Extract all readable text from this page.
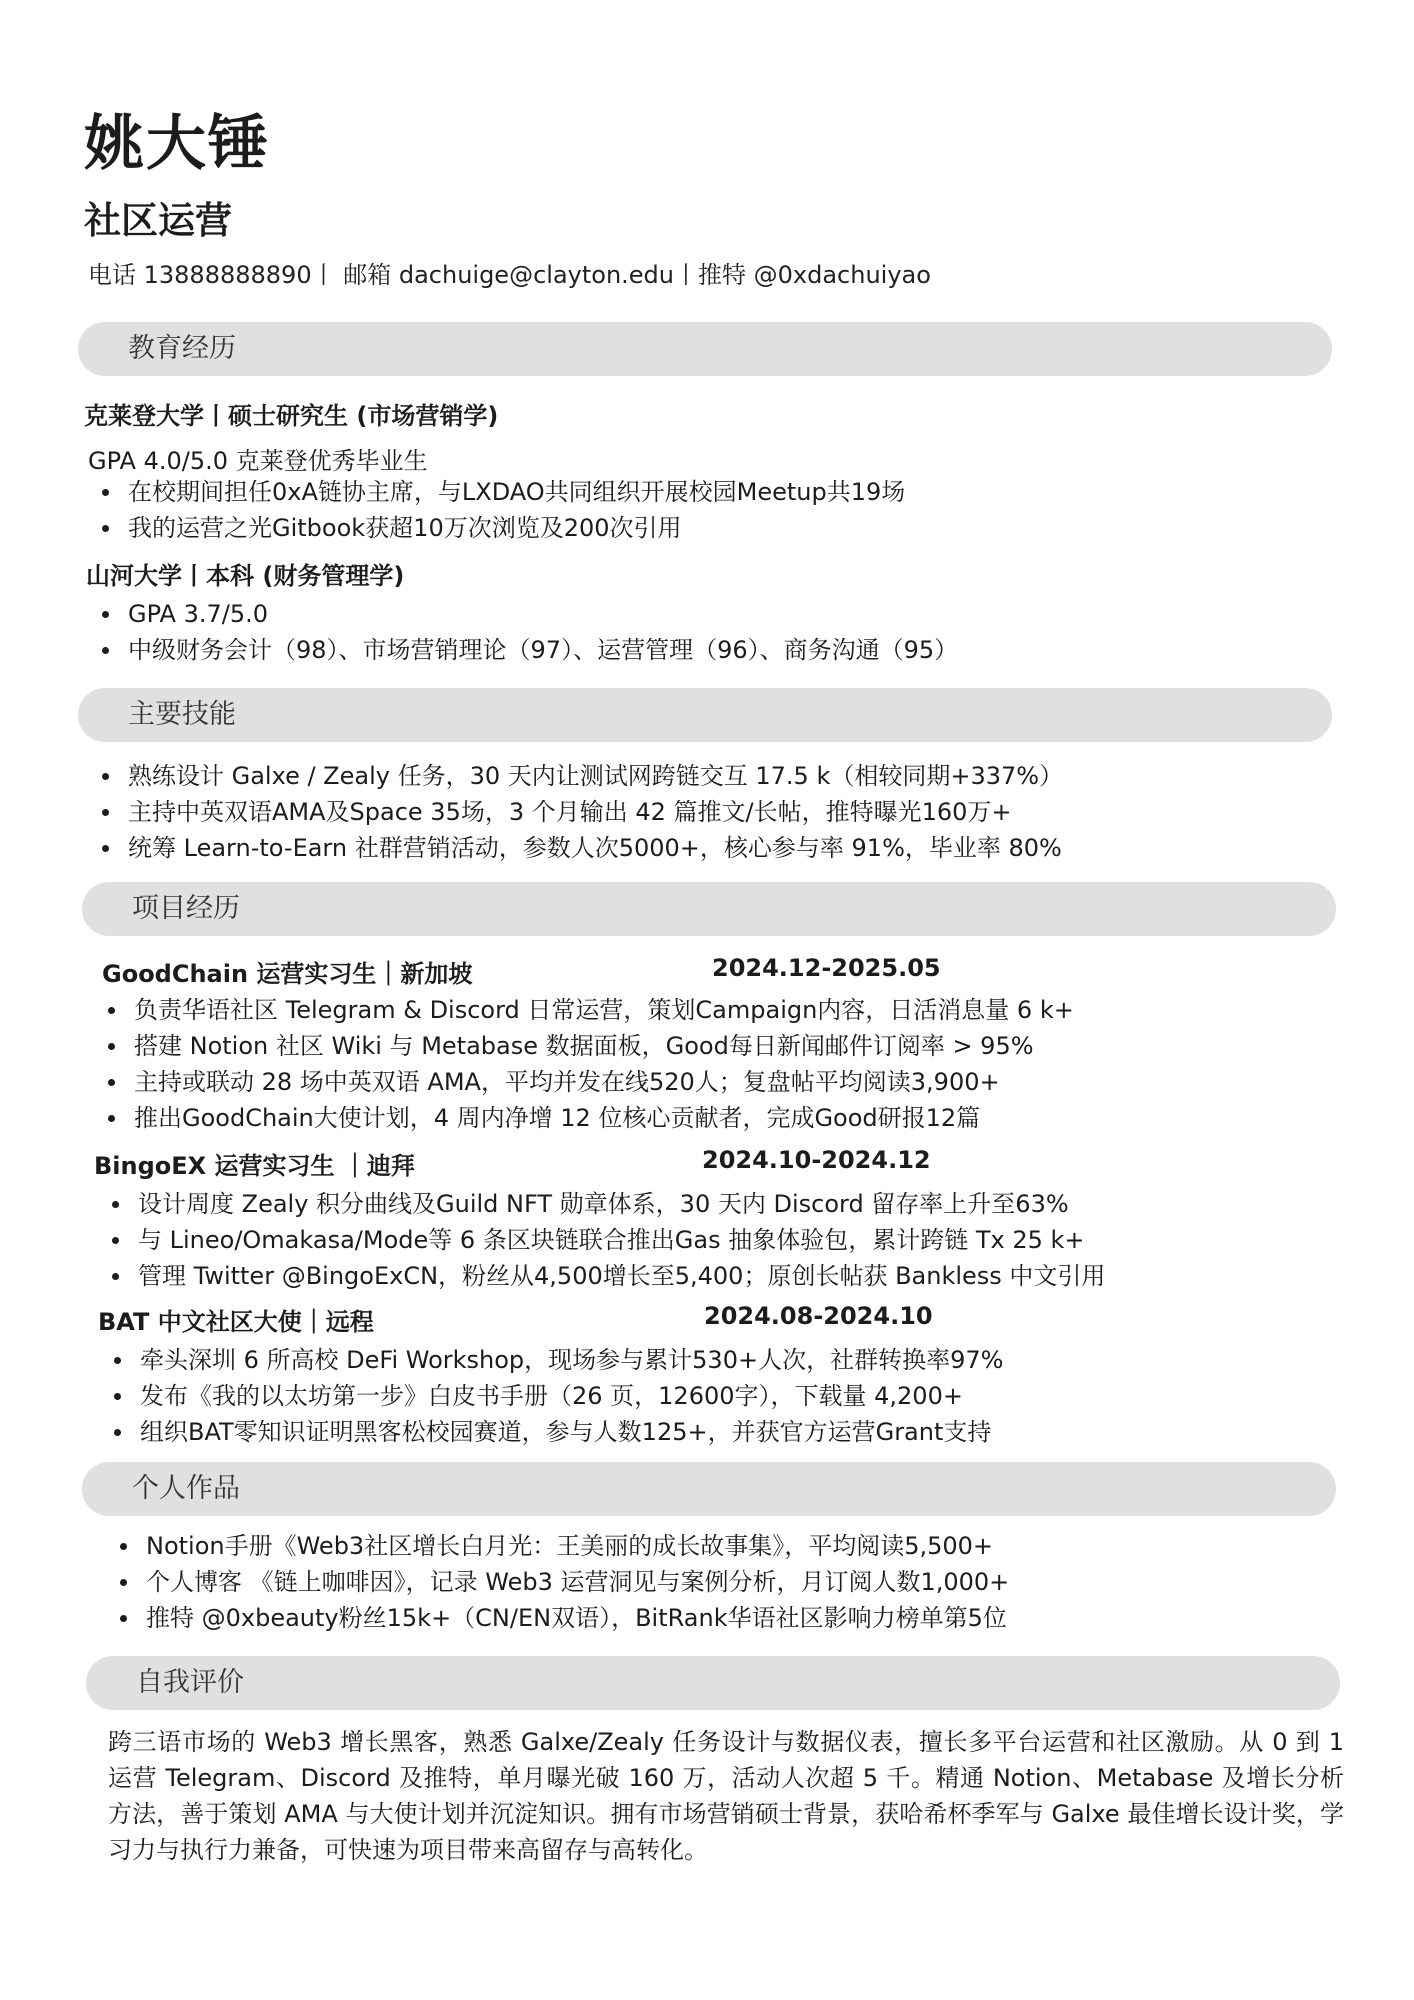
姚大锤
社区运营
电话 13888888890丨 邮箱 dachuige@clayton.edu丨推特 @0xdachuiyao
教育经历
克莱登大学丨硕士研究生 (市场营销学)
GPA 4.0/5.0 克莱登优秀毕业生
在校期间担任0xA链协主席，与LXDAO共同组织开展校园Meetup共19场
我的运营之光Gitbook获超10万次浏览及200次引用
山河大学丨本科 (财务管理学)
GPA 3.7/5.0
中级财务会计（98）、市场营销理论（97）、运营管理（96）、商务沟通（95）
主要技能
熟练设计 Galxe / Zealy 任务，30 天内让测试网跨链交互 17.5 k（相较同期+337%）
主持中英双语AMA及Space 35场，3 个月输出 42 篇推文/长帖，推特曝光160万+
统筹 Learn-to-Earn 社群营销活动，参数人次5000+，核心参与率 91%，毕业率 80%
项目经历
GoodChain 运营实习生｜新加坡	2024.12-2025.05
负责华语社区 Telegram & Discord 日常运营，策划Campaign内容，日活消息量 6 k+
搭建 Notion 社区 Wiki 与 Metabase 数据面板，Good每日新闻邮件订阅率 > 95%
主持或联动 28 场中英双语 AMA，平均并发在线520人；复盘帖平均阅读3,900+
推出GoodChain大使计划，4 周内净增 12 位核心贡献者，完成Good研报12篇
BingoEX 运营实习生 ｜迪拜	2024.10-2024.12
设计周度 Zealy 积分曲线及Guild NFT 勋章体系，30 天内 Discord 留存率上升至63%
与 Lineo/Omakasa/Mode等 6 条区块链联合推出Gas 抽象体验包，累计跨链 Tx 25 k+
管理 Twitter @BingoExCN，粉丝从4,500增长至5,400；原创长帖获 Bankless 中文引用
BAT 中文社区大使｜远程	2024.08-2024.10
牵头深圳 6 所高校 DeFi Workshop，现场参与累计530+人次，社群转换率97%
发布《我的以太坊第一步》白皮书手册（26 页，12600字），下载量 4,200+
组织BAT零知识证明黑客松校园赛道，参与人数125+，并获官方运营Grant支持
个人作品
Notion手册《Web3社区增长白月光：王美丽的成长故事集》，平均阅读5,500+
个人博客 《链上咖啡因》，记录 Web3 运营洞见与案例分析，月订阅人数1,000+
推特 @0xbeauty粉丝15k+（CN/EN双语），BitRank华语社区影响力榜单第5位
自我评价
跨三语市场的 Web3 增长黑客，熟悉 Galxe/Zealy 任务设计与数据仪表，擅长多平台运营和社区激励。从 0 到 1 运营 Telegram、Discord 及推特，单月曝光破 160 万，活动人次超 5 千。精通 Notion、Metabase 及增长分析方法，善于策划 AMA 与大使计划并沉淀知识。拥有市场营销硕士背景，获哈希杯季军与 Galxe 最佳增长设计奖，学习力与执行力兼备，可快速为项目带来高留存与高转化。
